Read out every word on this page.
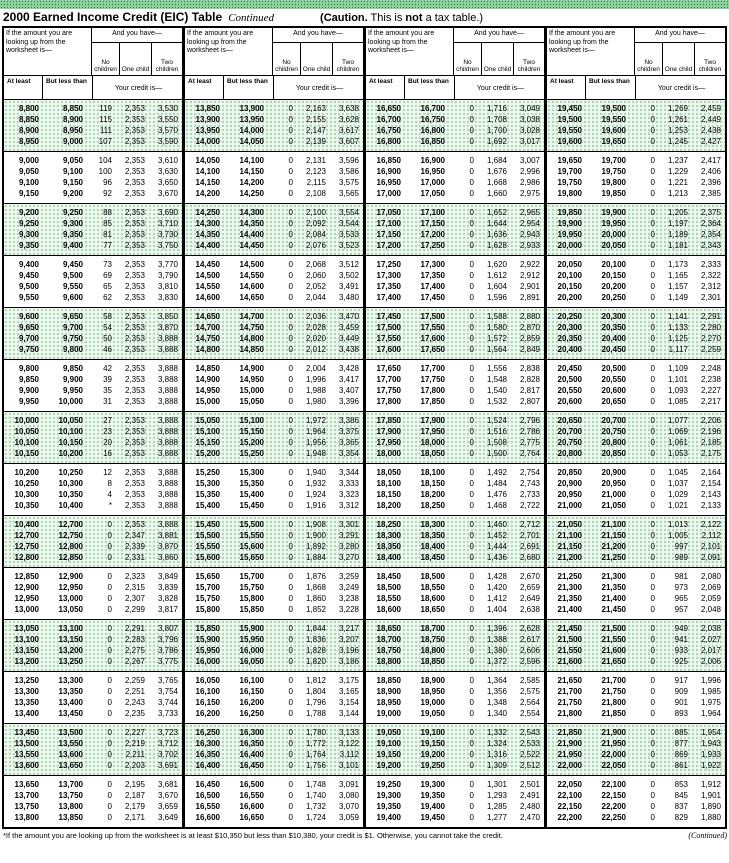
2000 Earned Income Credit (EIC) Table Continued	(Caution. This is not a tax table.)
If the amount you are looking up from the worksheet is—
And you have—
No children One child
Two children
At least	But less than
Your credit is—
8,800	8,850	119	2,353	3,530
8,850	8,900	115	2,353	3,550
8,900	8,950	111	2,353	3,570
8,950	9,000	107	2,353	3,590
9,000	9,050	104	2,353	3,610
9,050	9,100	100	2,353	3,630
9,100	9,150	96	2,353	3,650
9,150	9,200	92	2,353	3,670
9,200	9,250	88	2,353	3,690
9,250	9,300	85	2,353	3,710
9,300	9,350	81	2,353	3,730
9,350	9,400	77	2,353	3,750
9,400	9,450	73	2,353	3,770
9,450	9,500	69	2,353	3,790
9,500	9,550	65	2,353	3,810
9,550	9,600	62	2,353	3,830
9,600	9,650	58	2,353	3,850
9,650	9,700	54	2,353	3,870
9,700	9,750	50	2,353	3,888
9,750	9,800	46	2,353	3,888
9,800	9,850	42	2,353	3,888
9,850	9,900	39	2,353	3,888
9,900	9,950	35	2,353	3,888
9,950	10,000	31	2,353	3,888
10,000	10,050	27	2,353	3,888
10,050	10,100	23	2,353	3,888
10,100	10,150	20	2,353	3,888
10,150	10,200	16	2,353	3,888
10,200	10,250	12	2,353	3,888
10,250	10,300	8	2,353	3,888
10,300	10,350	4	2,353	3,888
10,350	10,400	*	2,353	3,888
10,400	12,700	0	2,353	3,888
12,700	12,750	0	2,347	3,881
12,750	12,800	0	2,339	3,870
12,800	12,850	0	2,331	3,860
12,850	12,900	0	2,323	3,849
12,900	12,950	0	2,315	3,839
12,950	13,000	0	2,307	3,828
13,000	13,050	0	2,299	3,817
13,050	13,100	0	2,291	3,807
13,100	13,150	0	2,283	3,796
13,150	13,200	0	2,275	3,786
13,200	13,250	0	2,267	3,775
13,250	13,300	0	2,259	3,765
13,300	13,350	0	2,251	3,754
13,350	13,400	0	2,243	3,744
13,400	13,450	0	2,235	3,733
13,450	13,500	0	2,227	3,723
13,500	13,550	0	2,219	3,712
13,550	13,600	0	2,211	3,702
13,600	13,650	0	2,203	3,691
13,650	13,700	0	2,195	3,681
13,700	13,750	0	2,187	3,670
13,750	13,800	0	2,179	3,659
13,800	13,850	0	2,171	3,649
If the amount you are looking up from the worksheet is—
And you have—
No children One child
Two children
At least	But less than
Your credit is—
13,850	13,900	0	2,163	3,638
13,900	13,950	0	2,155	3,628
13,950	14,000	0	2,147	3,617
14,000	14,050	0	2,139	3,607
14,050	14,100	0	2,131	3,596
14,100	14,150	0	2,123	3,586
14,150	14,200	0	2,115	3,575
14,200	14,250	0	2,108	3,565
14,250	14,300	0	2,100	3,554
14,300	14,350	0	2,092	3,544
14,350	14,400	0	2,084	3,533
14,400	14,450	0	2,076	3,523
14,450	14,500	0	2,068	3,512
14,500	14,550	0	2,060	3,502
14,550	14,600	0	2,052	3,491
14,600	14,650	0	2,044	3,480
14,650	14,700	0	2,036	3,470
14,700	14,750	0	2,028	3,459
14,750	14,800	0	2,020	3,449
14,800	14,850	0	2,012	3,438
14,850	14,900	0	2,004	3,428
14,900	14,950	0	1,996	3,417
14,950	15,000	0	1,988	3,407
15,000	15,050	0	1,980	3,396
15,050	15,100	0	1,972	3,386
15,100	15,150	0	1,964	3,375
15,150	15,200	0	1,956	3,365
15,200	15,250	0	1,948	3,354
15,250	15,300	0	1,940	3,344
15,300	15,350	0	1,932	3,333
15,350	15,400	0	1,924	3,323
15,400	15,450	0	1,916	3,312
15,450	15,500	0	1,908	3,301
15,500	15,550	0	1,900	3,291
15,550	15,600	0	1,892	3,280
15,600	15,650	0	1,884	3,270
15,650	15,700	0	1,876	3,259
15,700	15,750	0	1,868	3,249
15,750	15,800	0	1,860	3,238
15,800	15,850	0	1,852	3,228
15,850	15,900	0	1,844	3,217
15,900	15,950	0	1,836	3,207
15,950	16,000	0	1,828	3,196
16,000	16,050	0	1,820	3,186
16,050	16,100	0	1,812	3,175
16,100	16,150	0	1,804	3,165
16,150	16,200	0	1,796	3,154
16,200	16,250	0	1,788	3,144
16,250	16,300	0	1,780	3,133
16,300	16,350	0	1,772	3,122
16,350	16,400	0	1,764	3,112
16,400	16,450	0	1,756	3,101
16,450	16,500	0	1,748	3,091
16,500	16,550	0	1,740	3,080
16,550	16,600	0	1,732	3,070
16,600	16,650	0	1,724	3,059
If the amount you are looking up from the worksheet is—
And you have—
No children One child
Two children
At least	But less than
Your credit is—
16,650	16,700	0	1,716	3,049
16,700	16,750	0	1,708	3,038
16,750	16,800	0	1,700	3,028
16,800	16,850	0	1,692	3,017
16,850	16,900	0	1,684	3,007
16,900	16,950	0	1,676	2,996
16,950	17,000	0	1,668	2,986
17,000	17,050	0	1,660	2,975
17,050	17,100	0	1,652	2,965
17,100	17,150	0	1,644	2,954
17,150	17,200	0	1,636	2,943
17,200	17,250	0	1,628	2,933
17,250	17,300	0	1,620	2,922
17,300	17,350	0	1,612	2,912
17,350	17,400	0	1,604	2,901
17,400	17,450	0	1,596	2,891
17,450	17,500	0	1,588	2,880
17,500	17,550	0	1,580	2,870
17,550	17,600	0	1,572	2,859
17,600	17,650	0	1,564	2,849
17,650	17,700	0	1,556	2,838
17,700	17,750	0	1,548	2,828
17,750	17,800	0	1,540	2,817
17,800	17,850	0	1,532	2,807
17,850	17,900	0	1,524	2,796
17,900	17,950	0	1,516	2,786
17,950	18,000	0	1,508	2,775
18,000	18,050	0	1,500	2,764
18,050	18,100	0	1,492	2,754
18,100	18,150	0	1,484	2,743
18,150	18,200	0	1,476	2,733
18,200	18,250	0	1,468	2,722
18,250	18,300	0	1,460	2,712
18,300	18,350	0	1,452	2,701
18,350	18,400	0	1,444	2,691
18,400	18,450	0	1,436	2,680
18,450	18,500	0	1,428	2,670
18,500	18,550	0	1,420	2,659
18,550	18,600	0	1,412	2,649
18,600	18,650	0	1,404	2,638
18,650	18,700	0	1,396	2,628
18,700	18,750	0	1,388	2,617
18,750	18,800	0	1,380	2,606
18,800	18,850	0	1,372	2,596
18,850	18,900	0	1,364	2,585
18,900	18,950	0	1,356	2,575
18,950	19,000	0	1,348	2,564
19,000	19,050	0	1,340	2,554
19,050	19,100	0	1,332	2,543
19,100	19,150	0	1,324	2,533
19,150	19,200	0	1,316	2,522
19,200	19,250	0	1,309	2,512
19,250	19,300	0	1,301	2,501
19,300	19,350	0	1,293	2,491
19,350	19,400	0	1,285	2,480
19,400	19,450	0	1,277	2,470
If the amount you are looking up from the worksheet is—
And you have—
No children One child
Two children
At least	But less than
Your credit is—
19,450	19,500	0	1,269	2,459
19,500	19,550	0	1,261	2,449
19,550	19,600	0	1,253	2,438
19,600	19,650	0	1,245	2,427
19,650	19,700	0	1,237	2,417
19,700	19,750	0	1,229	2,406
19,750	19,800	0	1,221	2,396
19,800	19,850	0	1,213	2,385
19,850	19,900	0	1,205	2,375
19,900	19,950	0	1,197	2,364
19,950	20,000	0	1,189	2,354
20,000	20,050	0	1,181	2,343
20,050	20,100	0	1,173	2,333
20,100	20,150	0	1,165	2,322
20,150	20,200	0	1,157	2,312
20,200	20,250	0	1,149	2,301
20,250	20,300	0	1,141	2,291
20,300	20,350	0	1,133	2,280
20,350	20,400	0	1,125	2,270
20,400	20,450	0	1,117	2,259
20,450	20,500	0	1,109	2,248
20,500	20,550	0	1,101	2,238
20,550	20,600	0	1,093	2,227
20,600	20,650	0	1,085	2,217
20,650	20,700	0	1,077	2,206
20,700	20,750	0	1,069	2,196
20,750	20,800	0	1,061	2,185
20,800	20,850	0	1,053	2,175
20,850	20,900	0	1,045	2,164
20,900	20,950	0	1,037	2,154
20,950	21,000	0	1,029	2,143
21,000	21,050	0	1,021	2,133
21,050	21,100	0	1,013	2,122
21,100	21,150	0	1,005	2,112
21,150	21,200	0	997	2,101
21,200	21,250	0	989	2,091
21,250	21,300	0	981	2,080
21,300	21,350	0	973	2,069
21,350	21,400	0	965	2,059
21,400	21,450	0	957	2,048
21,450	21,500	0	949	2,038
21,500	21,550	0	941	2,027
21,550	21,600	0	933	2,017
21,600	21,650	0	925	2,006
21,650	21,700	0	917	1,996
21,700	21,750	0	909	1,985
21,750	21,800	0	901	1,975
21,800	21,850	0	893	1,964
21,850	21,900	0	885	1,954
21,900	21,950	0	877	1,943
21,950	22,000	0	869	1,933
22,000	22,050	0	861	1,922
22,050	22,100	0	853	1,912
22,100	22,150	0	845	1,901
22,150	22,200	0	837	1,890
22,200	22,250	0	829	1,880
*If the amount you are looking up from the worksheet is at least $10,350 but less than $10,380, your credit is $1. Otherwise, you cannot take the credit.	(Continued)
